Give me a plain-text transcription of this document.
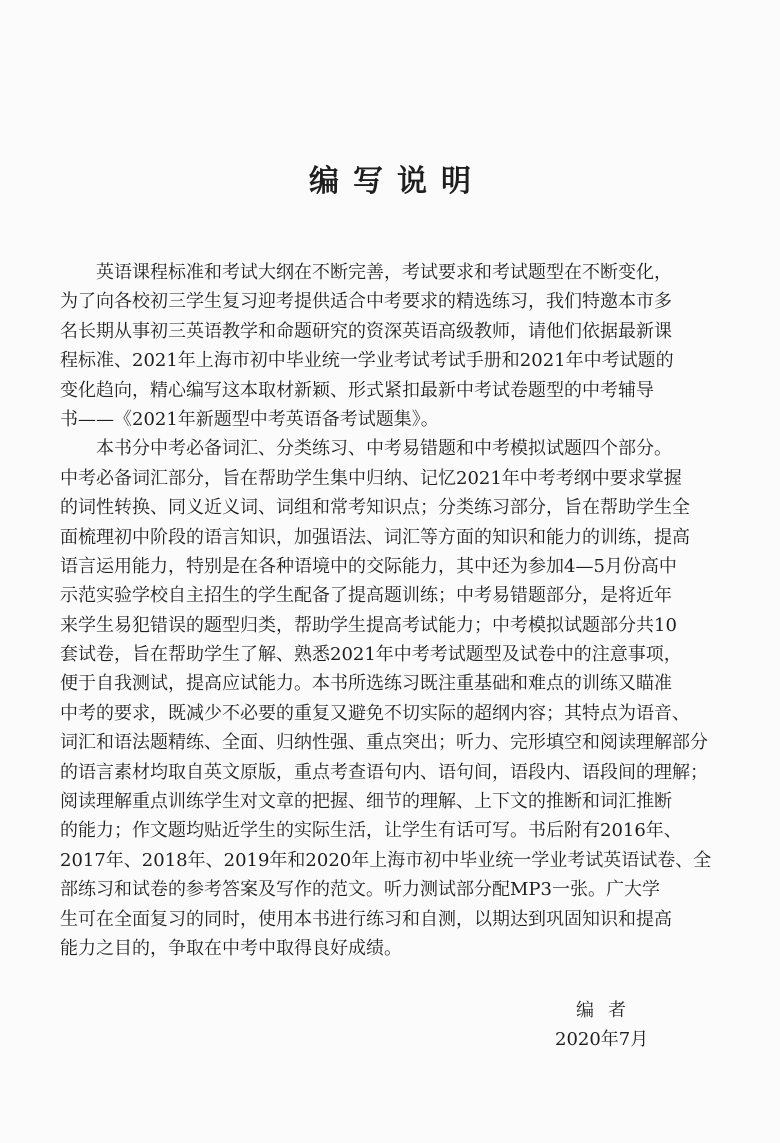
编写说明
英语课程标准和考试大纲在不断完善，考试要求和考试题型在不断变化，
为了向各校初三学生复习迎考提供适合中考要求的精选练习，我们特邀本市多
名长期从事初三英语教学和命题研究的资深英语高级教师，请他们依据最新课
程标准、2021年上海市初中毕业统一学业考试考试手册和2021年中考试题的
变化趋向，精心编写这本取材新颖、形式紧扣最新中考试卷题型的中考辅导
书——《2021年新题型中考英语备考试题集》。
本书分中考必备词汇、分类练习、中考易错题和中考模拟试题四个部分。
中考必备词汇部分，旨在帮助学生集中归纳、记忆2021年中考考纲中要求掌握
的词性转换、同义近义词、词组和常考知识点；分类练习部分，旨在帮助学生全
面梳理初中阶段的语言知识，加强语法、词汇等方面的知识和能力的训练，提高
语言运用能力，特别是在各种语境中的交际能力，其中还为参加4—5月份高中
示范实验学校自主招生的学生配备了提高题训练；中考易错题部分，是将近年
来学生易犯错误的题型归类，帮助学生提高考试能力；中考模拟试题部分共10
套试卷，旨在帮助学生了解、熟悉2021年中考考试题型及试卷中的注意事项，
便于自我测试，提高应试能力。本书所选练习既注重基础和难点的训练又瞄准
中考的要求，既减少不必要的重复又避免不切实际的超纲内容；其特点为语音、
词汇和语法题精练、全面、归纳性强、重点突出；听力、完形填空和阅读理解部分
的语言素材均取自英文原版，重点考查语句内、语句间，语段内、语段间的理解；
阅读理解重点训练学生对文章的把握、细节的理解、上下文的推断和词汇推断
的能力；作文题均贴近学生的实际生活，让学生有话可写。书后附有2016年、
2017年、2018年、2019年和2020年上海市初中毕业统一学业考试英语试卷、全
部练习和试卷的参考答案及写作的范文。听力测试部分配MP3一张。广大学
生可在全面复习的同时，使用本书进行练习和自测，以期达到巩固知识和提高
能力之目的，争取在中考中取得良好成绩。
编者
2020年7月
